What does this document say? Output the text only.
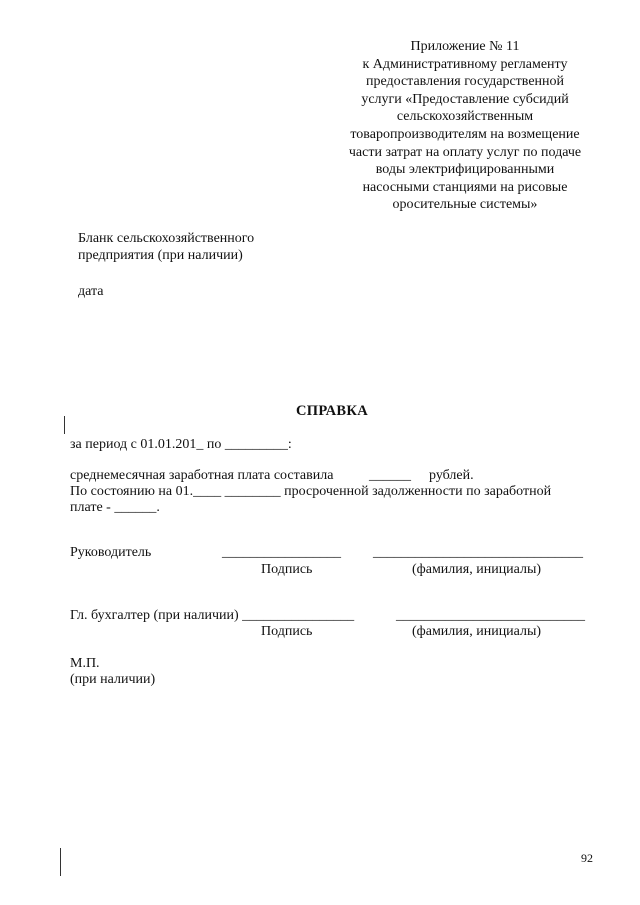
Приложение № 11
к Административному регламенту
предоставления государственной
услуги «Предоставление субсидий
сельскохозяйственным
товаропроизводителям на возмещение
части затрат на оплату услуг по подаче
воды электрифицированными
насосными станциями на рисовые
оросительные системы»
Бланк сельскохозяйственного
предприятия (при наличии)
дата
СПРАВКА
за период с 01.01.201_ по _________:
среднемесячная заработная плата составила	______ рублей.
По состоянию на 01.____ ________ просроченной задолженности по заработной
плате - ______.
Руководитель	_________________ ______________________________
Подпись	(фамилия, инициалы)
Гл. бухгалтер (при наличии) ________________	___________________________
Подпись	(фамилия, инициалы)
М.П.
(при наличии)
92
